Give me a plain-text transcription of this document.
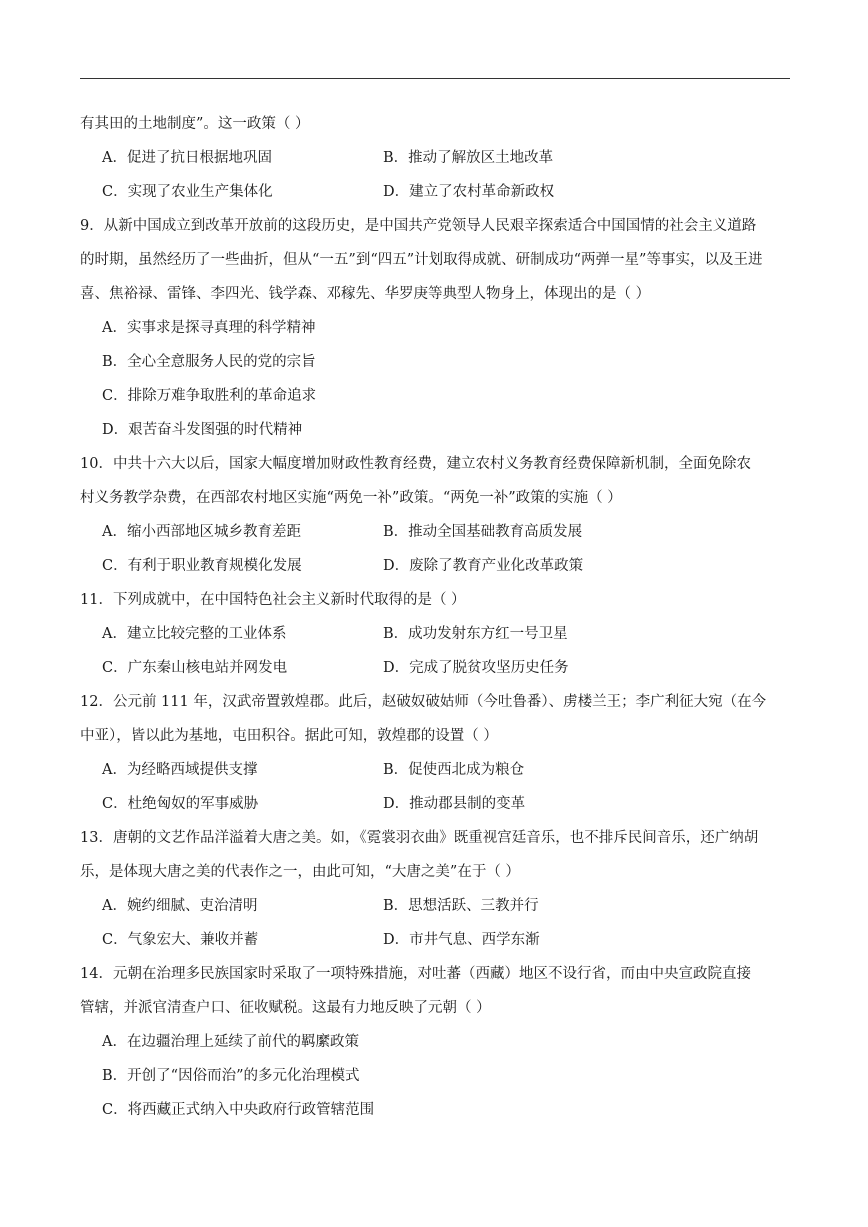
有其田的土地制度”。这一政策（ ）
A．促进了抗日根据地巩固	B．推动了解放区土地改革
C．实现了农业生产集体化	D．建立了农村革命新政权
9．从新中国成立到改革开放前的这段历史，是中国共产党领导人民艰辛探索适合中国国情的社会主义道路
的时期，虽然经历了一些曲折，但从“一五”到“四五”计划取得成就、研制成功“两弹一星”等事实，以及王进
喜、焦裕禄、雷锋、李四光、钱学森、邓稼先、华罗庚等典型人物身上，体现出的是（ ）
A．实事求是探寻真理的科学精神
B．全心全意服务人民的党的宗旨
C．排除万难争取胜利的革命追求
D．艰苦奋斗发图强的时代精神
10．中共十六大以后，国家大幅度增加财政性教育经费，建立农村义务教育经费保障新机制，全面免除农
村义务教学杂费，在西部农村地区实施“两免一补”政策。“两免一补”政策的实施（ ）
A．缩小西部地区城乡教育差距	B．推动全国基础教育高质发展
C．有利于职业教育规模化发展	D．废除了教育产业化改革政策
11．下列成就中，在中国特色社会主义新时代取得的是（ ）
A．建立比较完整的工业体系	B．成功发射东方红一号卫星
C．广东秦山核电站并网发电	D．完成了脱贫攻坚历史任务
12．公元前 111 年，汉武帝置敦煌郡。此后，赵破奴破姑师（今吐鲁番）、虏楼兰王；李广利征大宛（在今
中亚），皆以此为基地，屯田积谷。据此可知，敦煌郡的设置（ ）
A．为经略西域提供支撑	B．促使西北成为粮仓
C．杜绝匈奴的军事威胁	D．推动郡县制的变革
13．唐朝的文艺作品洋溢着大唐之美。如，《霓裳羽衣曲》既重视宫廷音乐，也不排斥民间音乐，还广纳胡
乐，是体现大唐之美的代表作之一，由此可知，“大唐之美”在于（ ）
A．婉约细腻、吏治清明	B．思想活跃、三教并行
C．气象宏大、兼收并蓄	D．市井气息、西学东渐
14．元朝在治理多民族国家时采取了一项特殊措施，对吐蕃（西藏）地区不设行省，而由中央宣政院直接
管辖，并派官清查户口、征收赋税。这最有力地反映了元朝（ ）
A．在边疆治理上延续了前代的羁縻政策
B．开创了“因俗而治”的多元化治理模式
C．将西藏正式纳入中央政府行政管辖范围
